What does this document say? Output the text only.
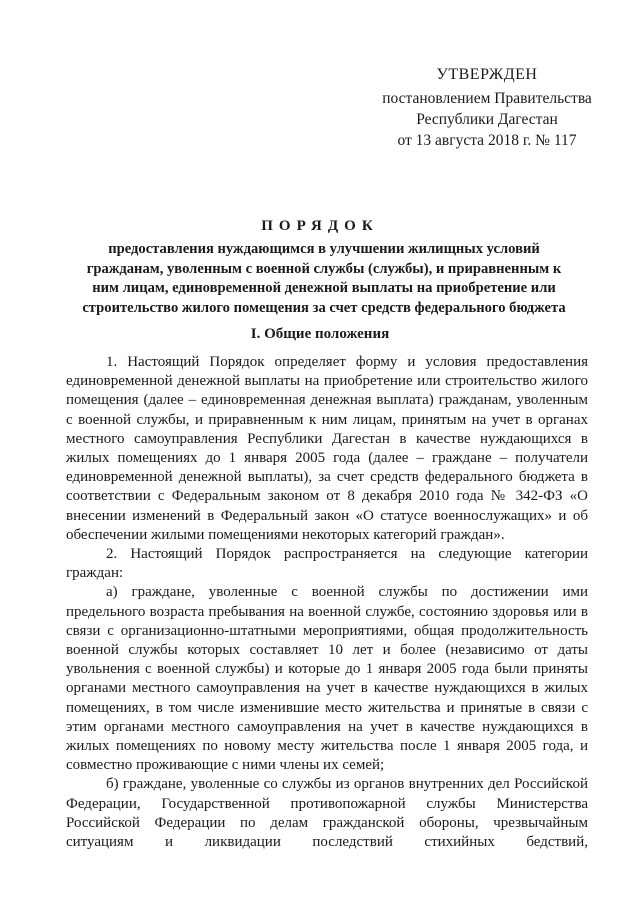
УТВЕРЖДЕН
постановлением Правительства
Республики Дагестан
от 13 августа 2018 г. № 117
ПОРЯДОК
предоставления нуждающимся в улучшении жилищных условий
гражданам, уволенным с военной службы (службы), и приравненным к
ним лицам, единовременной денежной выплаты на приобретение или
строительство жилого помещения за счет средств федерального бюджета
I. Общие положения

1. Настоящий Порядок определяет форму и условия предоставления единовременной денежной выплаты на приобретение или строительство жилого помещения (далее – единовременная денежная выплата) гражданам, уволенным с военной службы, и приравненным к ним лицам, принятым на учет в органах местного самоуправления Республики Дагестан в качестве нуждающихся в жилых помещениях до 1 января 2005 года (далее – граждане – получатели единовременной денежной выплаты), за счет средств федерального бюджета в соответствии с Федеральным законом от 8 декабря 2010 года № 342-ФЗ «О внесении изменений в Федеральный закон «О статусе военнослужащих» и об обеспечении жилыми помещениями некоторых категорий граждан».

2. Настоящий Порядок распространяется на следующие категории граждан:

а) граждане, уволенные с военной службы по достижении ими предельного возраста пребывания на военной службе, состоянию здоровья или в связи с организационно-штатными мероприятиями, общая продолжительность военной службы которых составляет 10 лет и более (независимо от даты увольнения с военной службы) и которые до 1 января 2005 года были приняты органами местного самоуправления на учет в качестве нуждающихся в жилых помещениях, в том числе изменившие место жительства и принятые в связи с этим органами местного самоуправления на учет в качестве нуждающихся в жилых помещениях по новому месту жительства после 1 января 2005 года, и совместно проживающие с ними члены их семей;

б) граждане, уволенные со службы из органов внутренних дел Российской Федерации, Государственной противопожарной службы Министерства Российской Федерации по делам гражданской обороны, чрезвычайным ситуациям и ликвидации последствий стихийных бедствий,
